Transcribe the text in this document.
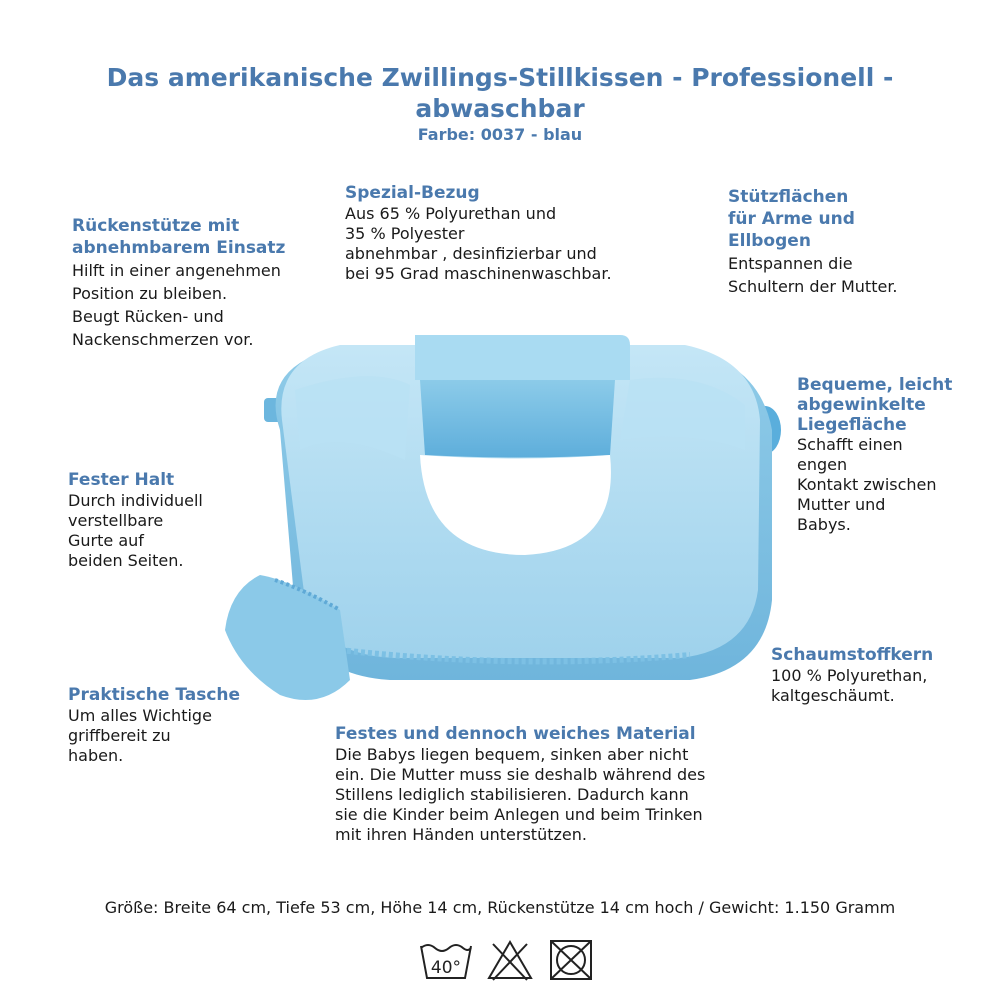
Das amerikanische Zwillings-Stillkissen - Professionell -
abwaschbar
Farbe: 0037 - blau
Rückenstütze mit
abnehmbarem Einsatz
Hilft in einer angenehmen
Position zu bleiben.
Beugt Rücken- und
Nackenschmerzen vor.
Spezial-Bezug
Aus 65 % Polyurethan und
35 % Polyester
abnehmbar , desinfizierbar und
bei 95 Grad maschinenwaschbar.
Stützflächen
für Arme und
Ellbogen
Entspannen die
Schultern der Mutter.
Bequeme, leicht
abgewinkelte
Liegefläche
Schafft einen
engen
Kontakt zwischen
Mutter und
Babys.
Fester Halt
Durch individuell
verstellbare
Gurte auf
beiden Seiten.
Schaumstoffkern
100 % Polyurethan,
kaltgeschäumt.
Praktische Tasche
Um alles Wichtige
griffbereit zu
haben.
Festes und dennoch weiches Material
Die Babys liegen bequem, sinken aber nicht
ein. Die Mutter muss sie deshalb während des
Stillens lediglich stabilisieren. Dadurch kann
sie die Kinder beim Anlegen und beim Trinken
mit ihren Händen unterstützen.
Größe: Breite 64 cm, Tiefe 53 cm, Höhe 14 cm, Rückenstütze 14 cm hoch / Gewicht: 1.150 Gramm
40°
